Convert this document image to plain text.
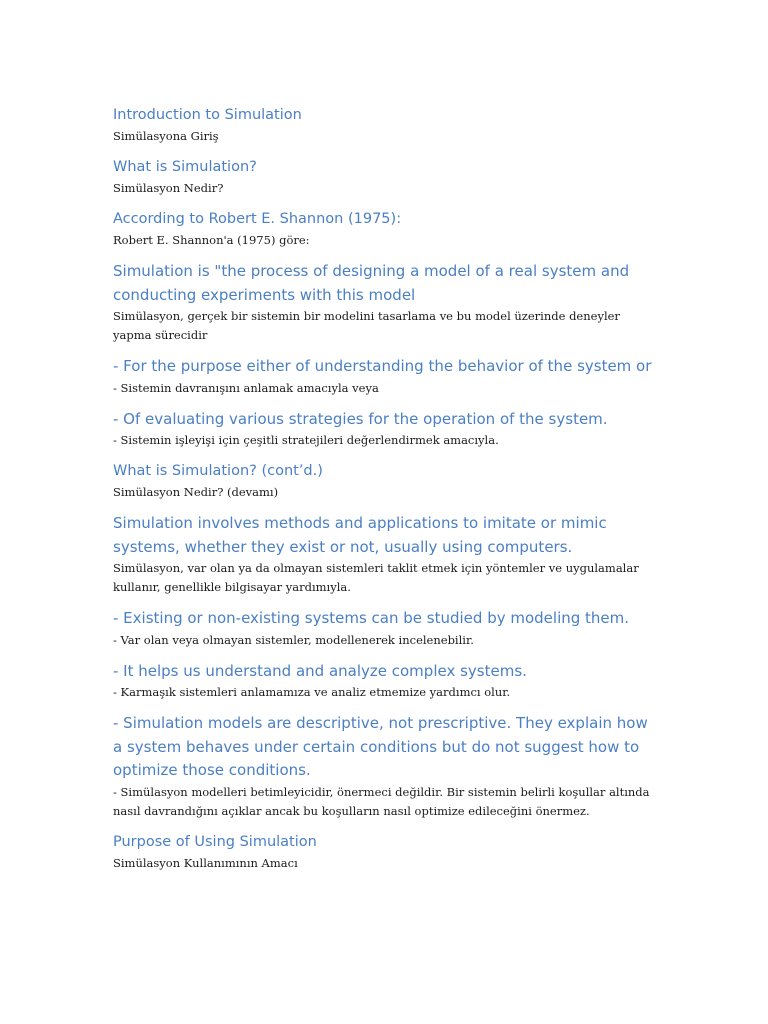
Introduction to Simulation

Simülasyona Giriş

What is Simulation?

Simülasyon Nedir?

According to Robert E. Shannon (1975):

Robert E. Shannon'a (1975) göre:

Simulation is "the process of designing a model of a real system and conducting experiments with this model

Simülasyon, gerçek bir sistemin bir modelini tasarlama ve bu model üzerinde deneyler yapma sürecidir

- For the purpose either of understanding the behavior of the system or

- Sistemin davranışını anlamak amacıyla veya

- Of evaluating various strategies for the operation of the system.

- Sistemin işleyişi için çeşitli stratejileri değerlendirmek amacıyla.

What is Simulation? (cont’d.)

Simülasyon Nedir? (devamı)

Simulation involves methods and applications to imitate or mimic systems, whether they exist or not, usually using computers.

Simülasyon, var olan ya da olmayan sistemleri taklit etmek için yöntemler ve uygulamalar kullanır, genellikle bilgisayar yardımıyla.

- Existing or non-existing systems can be studied by modeling them.

- Var olan veya olmayan sistemler, modellenerek incelenebilir.

- It helps us understand and analyze complex systems.

- Karmaşık sistemleri anlamamıza ve analiz etmemize yardımcı olur.

- Simulation models are descriptive, not prescriptive. They explain how a system behaves under certain conditions but do not suggest how to optimize those conditions.

- Simülasyon modelleri betimleyicidir, önermeci değildir. Bir sistemin belirli koşullar altında nasıl davrandığını açıklar ancak bu koşulların nasıl optimize edileceğini önermez.

Purpose of Using Simulation

Simülasyon Kullanımının Amacı
